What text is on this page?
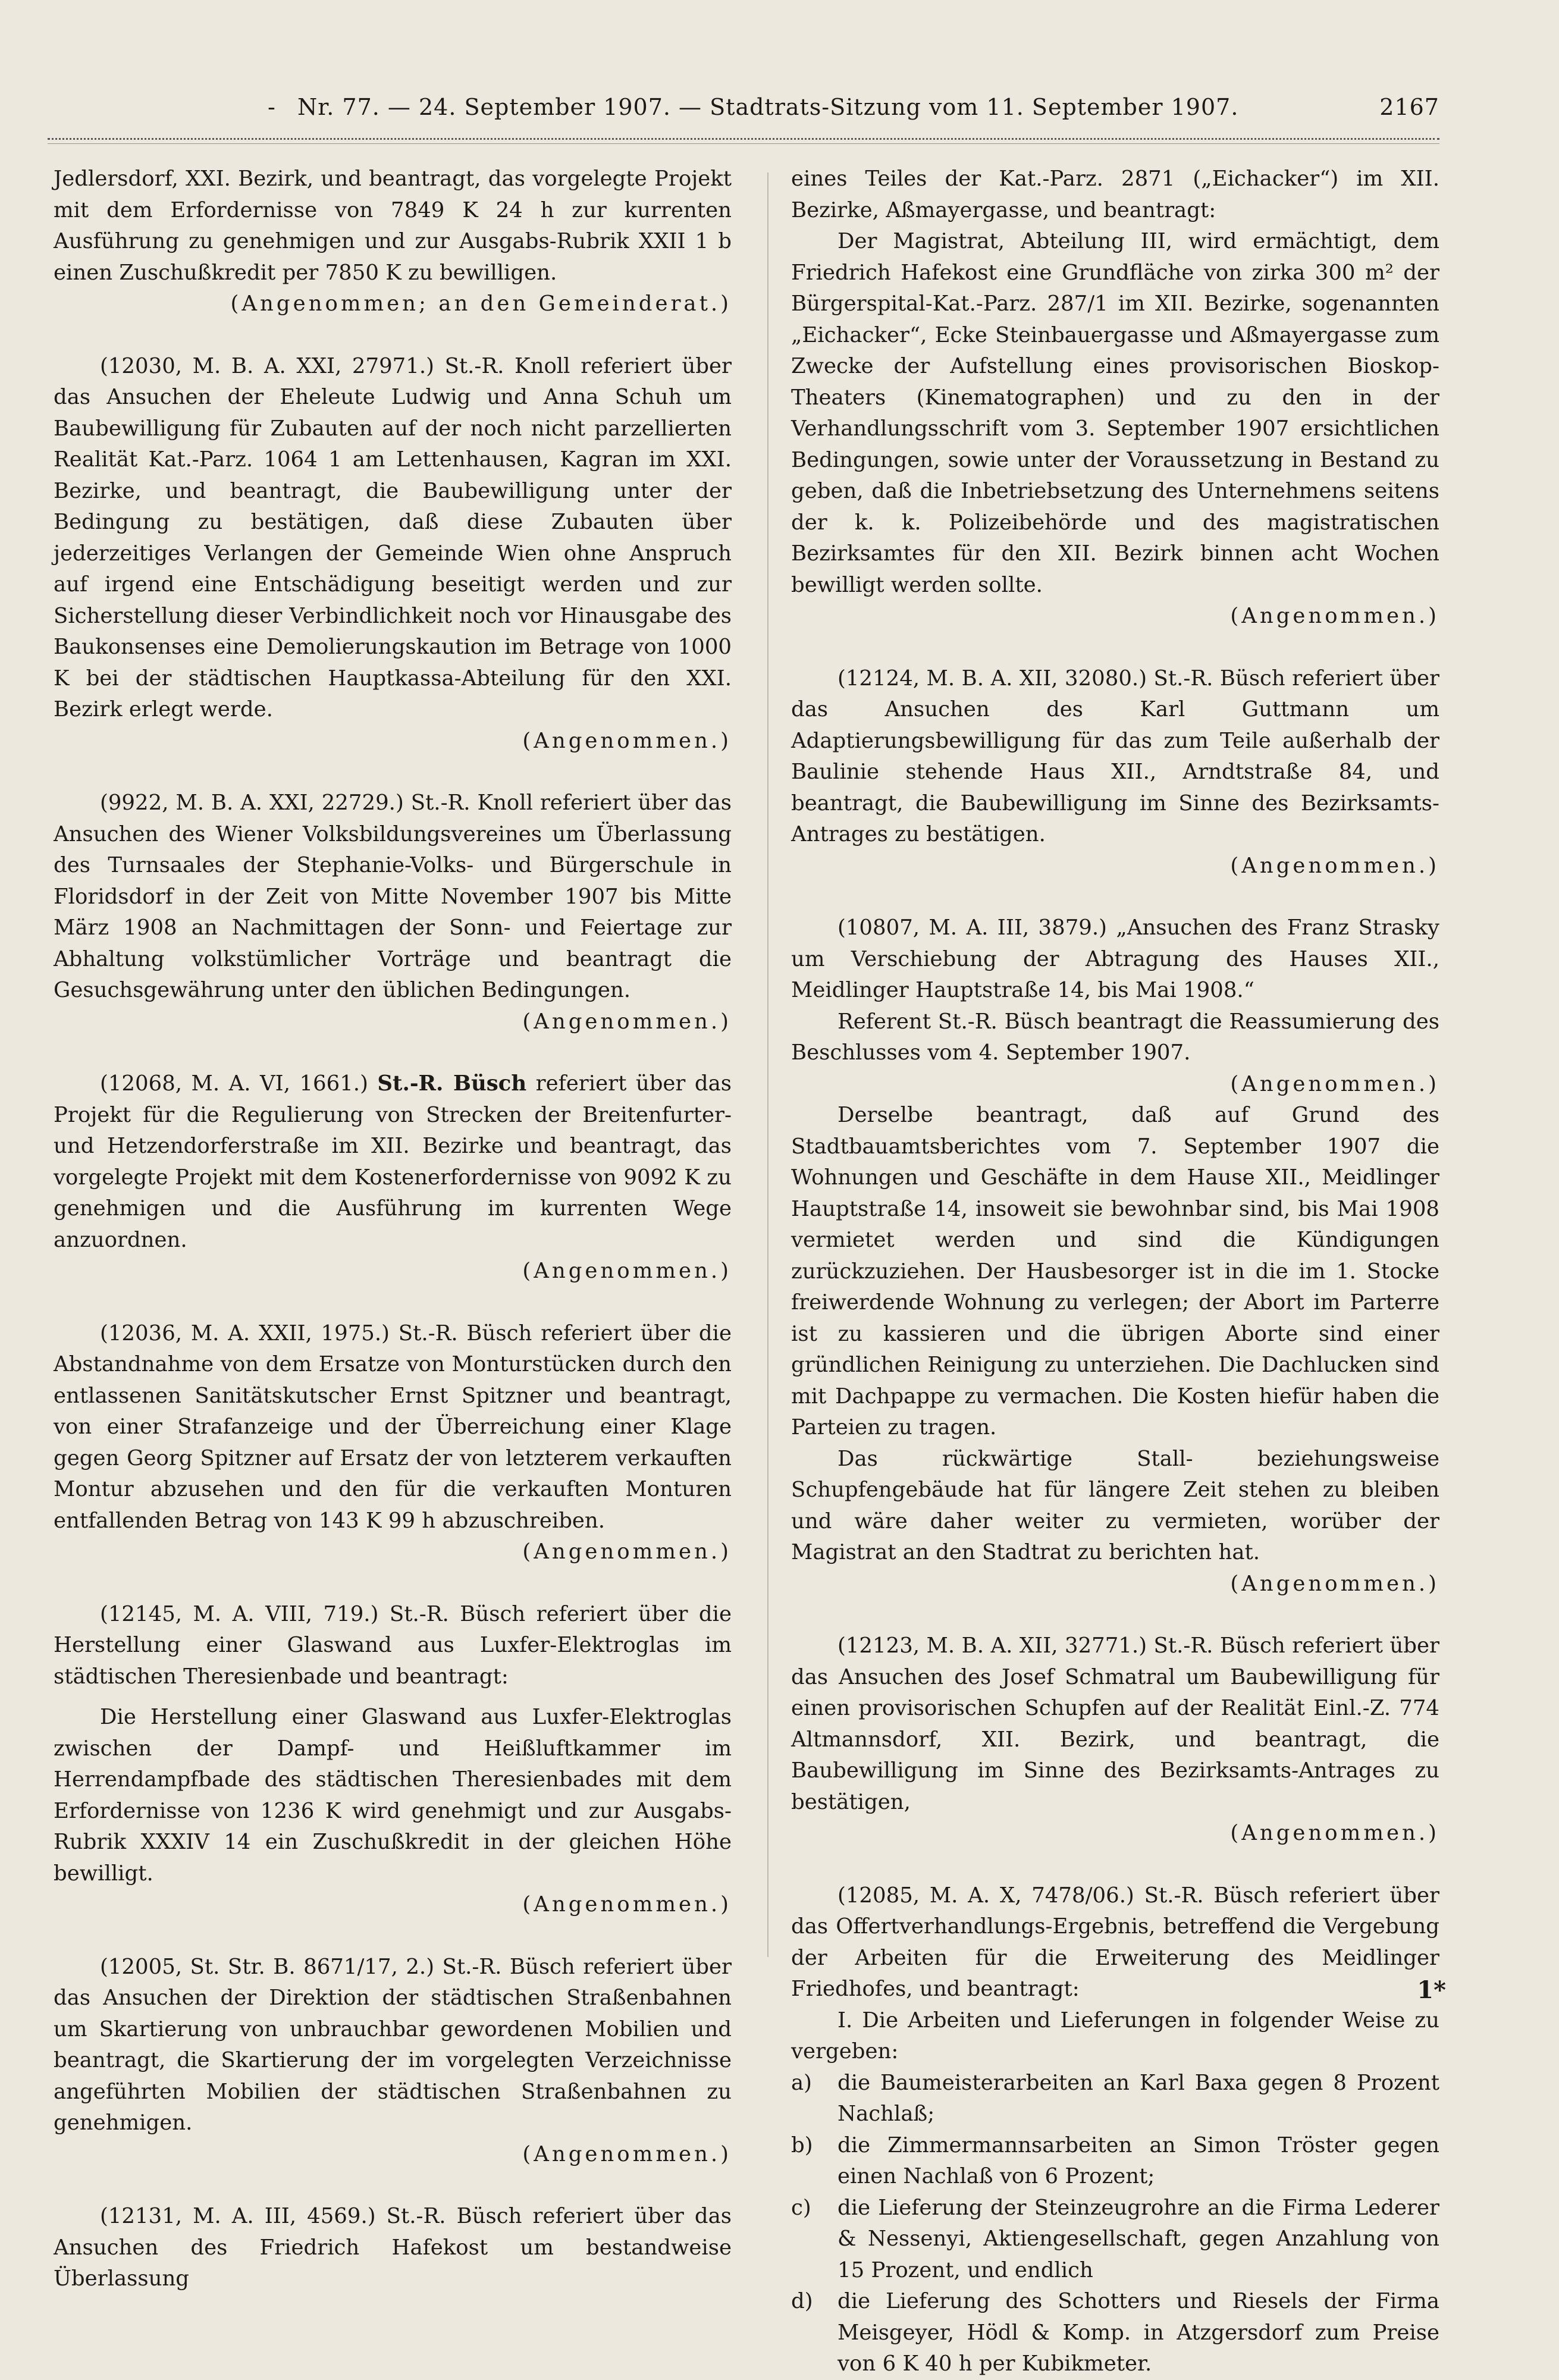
- Nr. 77. — 24. September 1907. — Stadtrats-Sitzung vom 11. September 1907.	2167

Jedlersdorf, XXI. Bezirk, und beantragt, das vorgelegte Projekt mit dem Erfordernisse von 7849 K 24 h zur kurrenten Ausführung zu genehmigen und zur Ausgabs-Rubrik XXII 1 b einen Zuschußkredit per 7850 K zu bewilligen.

(Angenommen; an den Gemeinderat.)

(12030, M. B. A. XXI, 27971.) St.-R. Knoll referiert über das Ansuchen der Eheleute Ludwig und Anna Schuh um Baubewilligung für Zubauten auf der noch nicht parzellierten Realität Kat.-Parz. 1064 1 am Lettenhausen, Kagran im XXI. Bezirke, und beantragt, die Baubewilligung unter der Bedingung zu bestätigen, daß diese Zubauten über jederzeitiges Verlangen der Gemeinde Wien ohne Anspruch auf irgend eine Entschädigung beseitigt werden und zur Sicherstellung dieser Verbindlichkeit noch vor Hinausgabe des Baukonsenses eine Demolierungskaution im Betrage von 1000 K bei der städtischen Hauptkassa-Abteilung für den XXI. Bezirk erlegt werde.

(Angenommen.)

(9922, M. B. A. XXI, 22729.) St.-R. Knoll referiert über das Ansuchen des Wiener Volksbildungsvereines um Überlassung des Turnsaales der Stephanie-Volks- und Bürgerschule in Floridsdorf in der Zeit von Mitte November 1907 bis Mitte März 1908 an Nachmittagen der Sonn- und Feiertage zur Abhaltung volkstümlicher Vorträge und beantragt die Gesuchsgewährung unter den üblichen Bedingungen.

(Angenommen.)

(12068, M. A. VI, 1661.) St.-R. Büsch referiert über das Projekt für die Regulierung von Strecken der Breitenfurter- und Hetzendorferstraße im XII. Bezirke und beantragt, das vorgelegte Projekt mit dem Kostenerfordernisse von 9092 K zu genehmigen und die Ausführung im kurrenten Wege anzuordnen.

(Angenommen.)

(12036, M. A. XXII, 1975.) St.-R. Büsch referiert über die Abstandnahme von dem Ersatze von Monturstücken durch den entlassenen Sanitätskutscher Ernst Spitzner und beantragt, von einer Strafanzeige und der Überreichung einer Klage gegen Georg Spitzner auf Ersatz der von letzterem verkauften Montur abzusehen und den für die verkauften Monturen entfallenden Betrag von 143 K 99 h abzuschreiben.

(Angenommen.)

(12145, M. A. VIII, 719.) St.-R. Büsch referiert über die Herstellung einer Glaswand aus Luxfer-Elektroglas im städtischen Theresienbade und beantragt:

Die Herstellung einer Glaswand aus Luxfer-Elektroglas zwischen der Dampf- und Heißluftkammer im Herrendampfbade des städtischen Theresienbades mit dem Erfordernisse von 1236 K wird genehmigt und zur Ausgabs-Rubrik XXXIV 14 ein Zuschußkredit in der gleichen Höhe bewilligt.

(Angenommen.)

(12005, St. Str. B. 8671/17, 2.) St.-R. Büsch referiert über das Ansuchen der Direktion der städtischen Straßenbahnen um Skartierung von unbrauchbar gewordenen Mobilien und beantragt, die Skartierung der im vorgelegten Verzeichnisse angeführten Mobilien der städtischen Straßenbahnen zu genehmigen.

(Angenommen.)

(12131, M. A. III, 4569.) St.-R. Büsch referiert über das Ansuchen des Friedrich Hafekost um bestandweise Überlassung

eines Teiles der Kat.-Parz. 2871 („Eichacker“) im XII. Bezirke, Aßmayergasse, und beantragt:

Der Magistrat, Abteilung III, wird ermächtigt, dem Friedrich Hafekost eine Grundfläche von zirka 300 m² der Bürgerspital-Kat.-Parz. 287/1 im XII. Bezirke, sogenannten „Eichacker“, Ecke Steinbauergasse und Aßmayergasse zum Zwecke der Aufstellung eines provisorischen Bioskop-Theaters (Kinematographen) und zu den in der Verhandlungsschrift vom 3. September 1907 ersichtlichen Bedingungen, sowie unter der Voraussetzung in Bestand zu geben, daß die Inbetriebsetzung des Unternehmens seitens der k. k. Polizeibehörde und des magistratischen Bezirksamtes für den XII. Bezirk binnen acht Wochen bewilligt werden sollte.

(Angenommen.)

(12124, M. B. A. XII, 32080.) St.-R. Büsch referiert über das Ansuchen des Karl Guttmann um Adaptierungsbewilligung für das zum Teile außerhalb der Baulinie stehende Haus XII., Arndtstraße 84, und beantragt, die Baubewilligung im Sinne des Bezirksamts-Antrages zu bestätigen.

(Angenommen.)

(10807, M. A. III, 3879.) „Ansuchen des Franz Strasky um Verschiebung der Abtragung des Hauses XII., Meidlinger Hauptstraße 14, bis Mai 1908.“

Referent St.-R. Büsch beantragt die Reassumierung des Beschlusses vom 4. September 1907.

(Angenommen.)

Derselbe beantragt, daß auf Grund des Stadtbauamtsberichtes vom 7. September 1907 die Wohnungen und Geschäfte in dem Hause XII., Meidlinger Hauptstraße 14, insoweit sie bewohnbar sind, bis Mai 1908 vermietet werden und sind die Kündigungen zurückzuziehen. Der Hausbesorger ist in die im 1. Stocke freiwerdende Wohnung zu verlegen; der Abort im Parterre ist zu kassieren und die übrigen Aborte sind einer gründlichen Reinigung zu unterziehen. Die Dachlucken sind mit Dachpappe zu vermachen. Die Kosten hiefür haben die Parteien zu tragen.

Das rückwärtige Stall- beziehungsweise Schupfengebäude hat für längere Zeit stehen zu bleiben und wäre daher weiter zu vermieten, worüber der Magistrat an den Stadtrat zu berichten hat.

(Angenommen.)

(12123, M. B. A. XII, 32771.) St.-R. Büsch referiert über das Ansuchen des Josef Schmatral um Baubewilligung für einen provisorischen Schupfen auf der Realität Einl.-Z. 774 Altmannsdorf, XII. Bezirk, und beantragt, die Baubewilligung im Sinne des Bezirksamts-Antrages zu bestätigen,

(Angenommen.)

(12085, M. A. X, 7478/06.) St.-R. Büsch referiert über das Offertverhandlungs-Ergebnis, betreffend die Vergebung der Arbeiten für die Erweiterung des Meidlinger Friedhofes, und beantragt:

I. Die Arbeiten und Lieferungen in folgender Weise zu vergeben:

a) die Baumeisterarbeiten an Karl Baxa gegen 8 Prozent Nachlaß;
b) die Zimmermannsarbeiten an Simon Tröster gegen einen Nachlaß von 6 Prozent;
c) die Lieferung der Steinzeugrohre an die Firma Lederer & Nessenyi, Aktiengesellschaft, gegen Anzahlung von 15 Prozent, und endlich
d) die Lieferung des Schotters und Riesels der Firma Meisgeyer, Hödl & Komp. in Atzgersdorf zum Preise von 6 K 40 h per Kubikmeter.
1*
